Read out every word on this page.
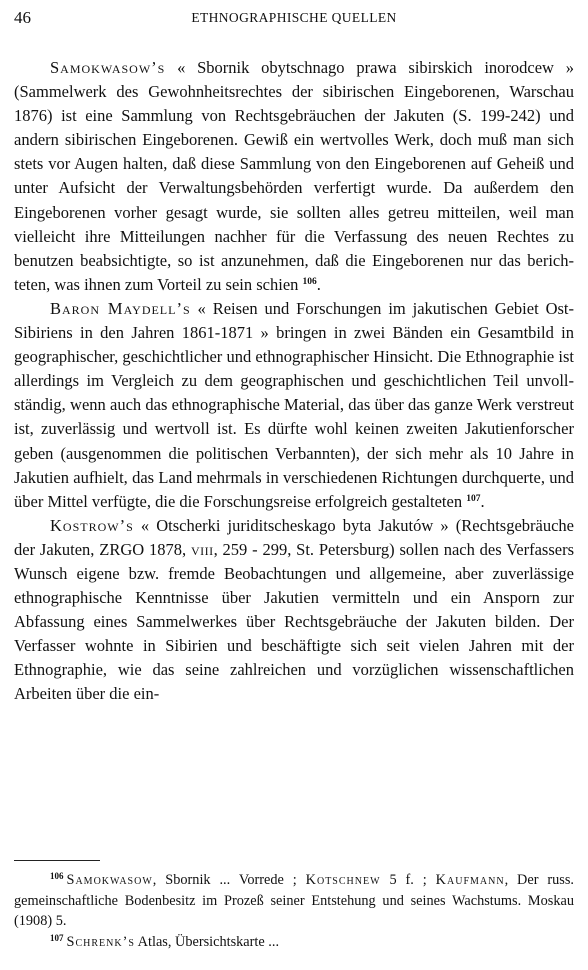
46	ETHNOGRAPHISCHE QUELLEN

Samokwasow’s « Sbornik obytschnago prawa sibirskich inorodcew » (Sammelwerk des Gewohnheitsrechtes der sibirischen Eingeborenen, Warschau 1876) ist eine Sammlung von Rechtsgebräuchen der Jakuten (S. 199-242) und andern sibirischen Eingeborenen. Gewiß ein wertvolles Werk, doch muß man sich stets vor Augen halten, daß diese Sammlung von den Eingeborenen auf Geheiß und unter Aufsicht der Verwaltungsbehörden verfertigt wurde. Da außerdem den Eingeborenen vorher gesagt wurde, sie sollten alles getreu mitteilen, weil man vielleicht ihre Mitteilungen nachher für die Verfassung des neuen Rechtes zu benutzen beabsichtigte, so ist anzunehmen, daß die Eingeborenen nur das berichteten, was ihnen zum Vorteil zu sein schien $^{106}$.

Baron Maydell’s « Reisen und Forschungen im jakutischen Gebiet Ost-Sibiriens in den Jahren 1861-1871 » bringen in zwei Bänden ein Gesamtbild in geographischer, geschichtlicher und ethnographischer Hinsicht. Die Ethnographie ist allerdings im Vergleich zu dem geographischen und geschichtlichen Teil unvollständig, wenn auch das ethnographische Material, das über das ganze Werk verstreut ist, zuverlässig und wertvoll ist. Es dürfte wohl keinen zweiten Jakutienforscher geben (ausgenommen die politischen Verbannten), der sich mehr als 10 Jahre in Jakutien aufhielt, das Land mehrmals in verschiedenen Richtungen durchquerte, und über Mittel verfügte, die die Forschungsreise erfolgreich gestalteten $^{107}$.

Kostrow’s « Otscherki juriditscheskago byta Jakutów » (Rechtsgebräuche der Jakuten, ZRGO 1878, viii, 259 - 299, St. Petersburg) sollen nach des Verfassers Wunsch eigene bzw. fremde Beobachtungen und allgemeine, aber zuverlässige ethnographische Kenntnisse über Jakutien vermitteln und ein Ansporn zur Abfassung eines Sammelwerkes über Rechtsgebräuche der Jakuten bilden. Der Verfasser wohnte in Sibirien und beschäftigte sich seit vielen Jahren mit der Ethnographie, wie das seine zahlreichen und vorzüglichen wissenschaftlichen Arbeiten über die ein-

$^{106}$ Samokwasow, Sbornik ... Vorrede ; Kotschnew 5 f. ; Kaufmann, Der russ. gemeinschaftliche Bodenbesitz im Prozeß seiner Entstehung und seines Wachstums. Moskau (1908) 5.

$^{107}$ Schrenk’s Atlas, Übersichtskarte ...
